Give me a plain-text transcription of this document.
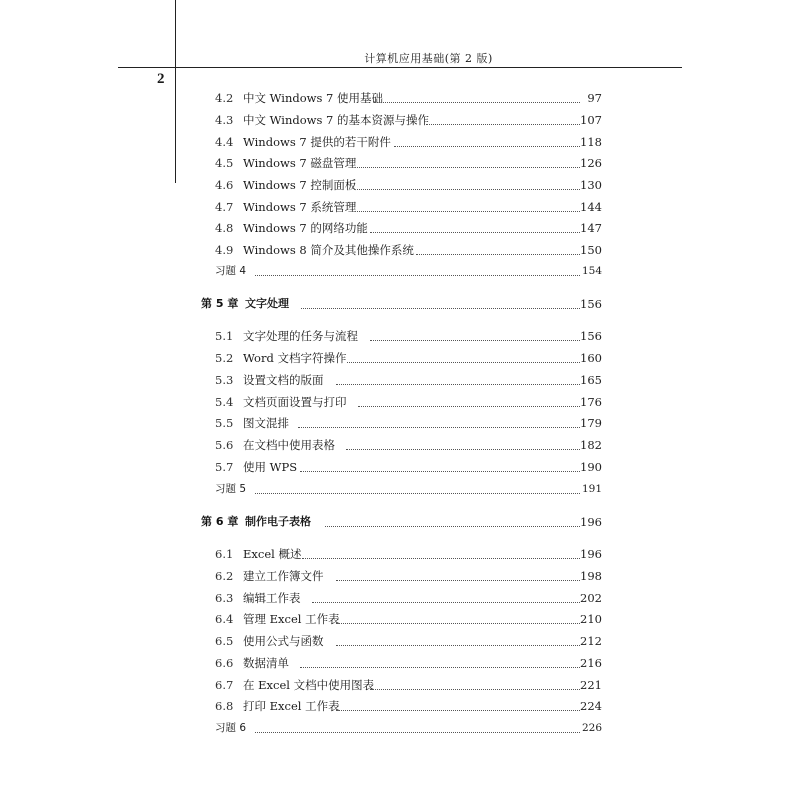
计算机应用基础(第 2 版)
2
4.2 中文 Windows 7 使用基础	97
4.3 中文 Windows 7 的基本资源与操作	107
4.4 Windows 7 提供的若干附件	118
4.5 Windows 7 磁盘管理	126
4.6 Windows 7 控制面板	130
4.7 Windows 7 系统管理	144
4.8 Windows 7 的网络功能	147
4.9 Windows 8 简介及其他操作系统	150
习题 4	154
第 5 章 文字处理	156
5.1 文字处理的任务与流程	156
5.2 Word 文档字符操作	160
5.3 设置文档的版面	165
5.4 文档页面设置与打印	176
5.5 图文混排	179
5.6 在文档中使用表格	182
5.7 使用 WPS	190
习题 5	191
第 6 章 制作电子表格	196
6.1 Excel 概述	196
6.2 建立工作簿文件	198
6.3 编辑工作表	202
6.4 管理 Excel 工作表	210
6.5 使用公式与函数	212
6.6 数据清单	216
6.7 在 Excel 文档中使用图表	221
6.8 打印 Excel 工作表	224
习题 6	226
